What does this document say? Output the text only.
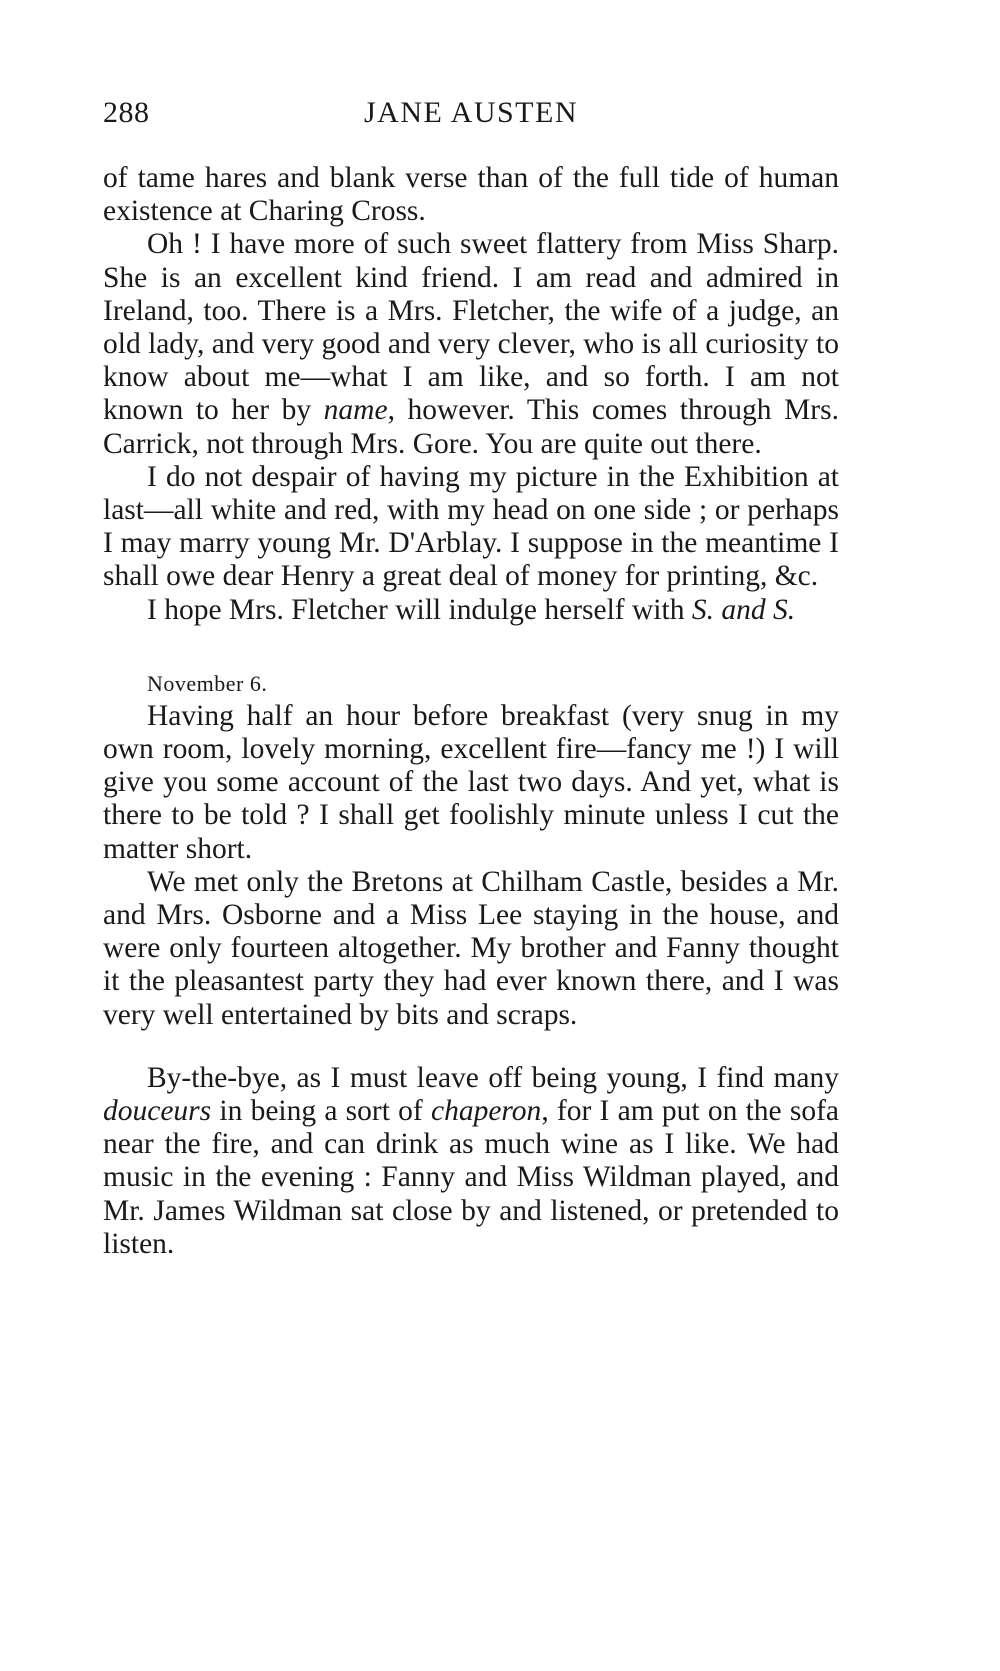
288	JANE AUSTEN

of tame hares and blank verse than of the full tide of human existence at Charing Cross.

Oh ! I have more of such sweet flattery from Miss Sharp. She is an excellent kind friend. I am read and admired in Ireland, too. There is a Mrs. Fletcher, the wife of a judge, an old lady, and very good and very clever, who is all curiosity to know about me—what I am like, and so forth. I am not known to her by name, however. This comes through Mrs. Carrick, not through Mrs. Gore. You are quite out there.

I do not despair of having my picture in the Exhibition at last—all white and red, with my head on one side ; or perhaps I may marry young Mr. D'Arblay. I suppose in the meantime I shall owe dear Henry a great deal of money for printing, &c.

I hope Mrs. Fletcher will indulge herself with S. and S.

November 6.

Having half an hour before breakfast (very snug in my own room, lovely morning, excellent fire—fancy me !) I will give you some account of the last two days. And yet, what is there to be told ? I shall get foolishly minute unless I cut the matter short.

We met only the Bretons at Chilham Castle, besides a Mr. and Mrs. Osborne and a Miss Lee staying in the house, and were only fourteen altogether. My brother and Fanny thought it the pleasantest party they had ever known there, and I was very well entertained by bits and scraps.

By-the-bye, as I must leave off being young, I find many douceurs in being a sort of chaperon, for I am put on the sofa near the fire, and can drink as much wine as I like. We had music in the evening : Fanny and Miss Wildman played, and Mr. James Wildman sat close by and listened, or pretended to listen.
